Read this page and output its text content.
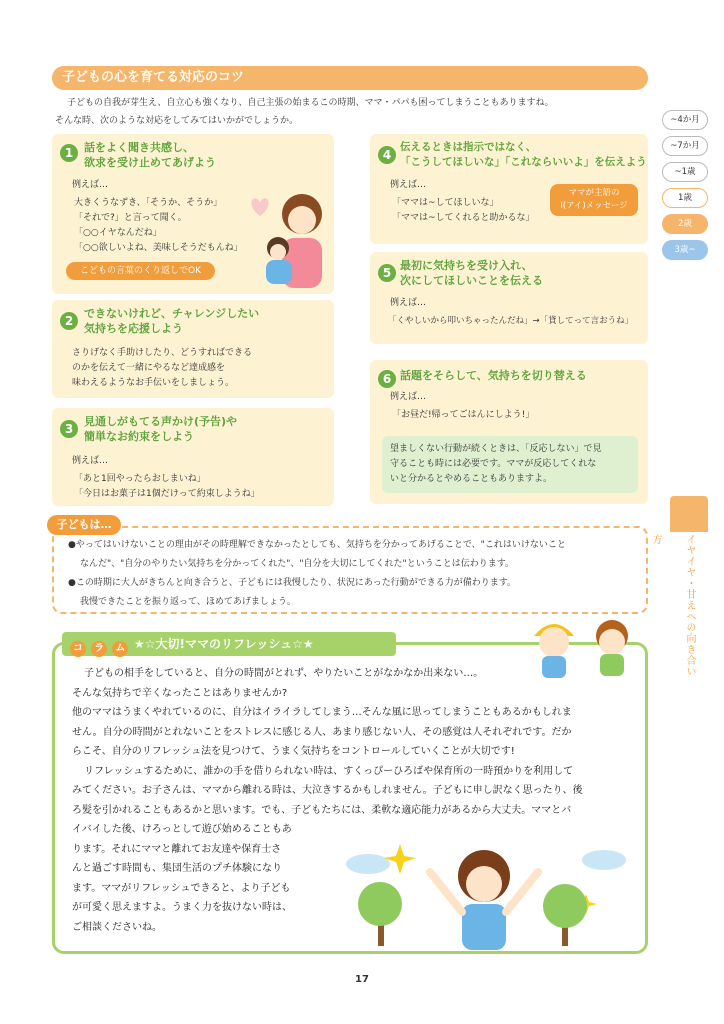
子どもの心を育てる対応のコツ

子どもの自我が芽生え、自立心も強くなり、自己主張の始まるこの時期、ママ・パパも困ってしまうこともありますね。

そんな時、次のような対応をしてみてはいかがでしょうか。	~4か月
~7か月
~1歳
1歳
2歳
3歳~
1 話をよく聞き共感し、
欲求を受け止めてあげよう
例えば…
大きくうなずき、「そうか、そうか」
「それで?」と言って聞く。
「○○イヤなんだね」
「○○欲しいよね、美味しそうだもんね」
こどもの言葉のくり返しでOK
2
できないけれど、チャレンジしたい
気持ちを応援しよう
さりげなく手助けしたり、どうすればできる
のかを伝えて一緒にやるなど達成感を
味わえるようなお手伝いをしましょう。
3
見通しがもてる声かけ(予告)や
簡単なお約束をしよう
例えば…
「あと1回やったらおしまいね」
「今日はお菓子は1個だけって約束しようね」
4
伝えるときは指示ではなく、
「こうしてほしいな」「これならいいよ」を伝えよう
例えば…
「ママは~してほしいな」
「ママは~してくれると助かるな」
ママが主語の
I(アイ)メッセージ
5
最初に気持ちを受け入れ、
次にしてほしいことを伝える
例えば…
「くやしいから叩いちゃったんだね」→「貸してって言おうね」
6 話題をそらして、気持ちを切り替える
例えば…
「お昼だ!帰ってごはんにしよう!」
望ましくない行動が続くときは、「反応しない」で見
守ることも時には必要です。ママが反応してくれな
いと分かるとやめることもありますよ。
イヤイヤ・甘えへの向き合い方
子どもは…
●やってはいけないことの理由がその時理解できなかったとしても、気持ちを分かってあげることで、"これはいけないこと
なんだ"、"自分のやりたい気持ちを分かってくれた"、"自分を大切にしてくれた"ということは伝わります。
●この時期に大人がきちんと向き合うと、子どもには我慢したり、状況にあった行動ができる力が備わります。
我慢できたことを振り返って、ほめてあげましょう。
コ ラ ム ★☆大切!ママのリフレッシュ☆★
子どもの相手をしていると、自分の時間がとれず、やりたいことがなかなか出来ない…。
そんな気持ちで辛くなったことはありませんか?
他のママはうまくやれているのに、自分はイライラしてしまう…そんな風に思ってしまうこともあるかもしれま
せん。自分の時間がとれないことをストレスに感じる人、あまり感じない人、その感覚は人それぞれです。だか
らこそ、自分のリフレッシュ法を見つけて、うまく気持ちをコントロールしていくことが大切です!
リフレッシュするために、誰かの手を借りられない時は、すくっぴーひろばや保育所の一時預かりを利用して
みてください。お子さんは、ママから離れる時は、大泣きするかもしれません。子どもに申し訳なく思ったり、後
ろ髪を引かれることもあるかと思います。でも、子どもたちには、柔軟な適応能力があるから大丈夫。ママとバ
イバイした後、けろっとして遊び始めることもあ
ります。それにママと離れてお友達や保育士さ
んと過ごす時間も、集団生活のプチ体験になり
ます。ママがリフレッシュできると、より子ども
が可愛く思えますよ。うまく力を抜けない時は、
ご相談くださいね。
17
